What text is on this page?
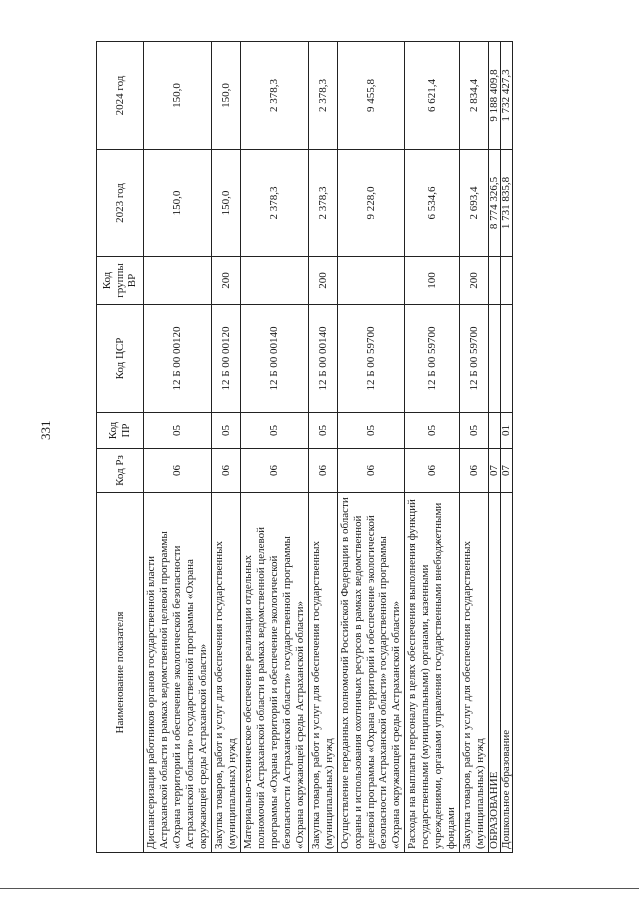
331
Наименование показателя	Код Рз	Код ПР	Код ЦСР	Код группы ВР	2023 год	2024 год
Диспансеризация работников органов государственной власти Астраханской области в рамках ведомственной целевой программы «Охрана территорий и обеспечение экологической безопасности Астраханской области» государственной программы «Охрана окружающей среды Астраханской области»	06	05	12 Б 00 00120		150,0	150,0
Закупка товаров, работ и услуг для обеспечения государственных (муниципальных) нужд	06	05	12 Б 00 00120	200	150,0	150,0
Материально-техническое обеспечение реализации отдельных полномочий Астраханской области в рамках ведомственной целевой программы «Охрана территорий и обеспечение экологической безопасности Астраханской области» государственной программы «Охрана окружающей среды Астраханской области»	06	05	12 Б 00 00140		2 378,3	2 378,3
Закупка товаров, работ и услуг для обеспечения государственных (муниципальных) нужд	06	05	12 Б 00 00140	200	2 378,3	2 378,3
Осуществление переданных полномочий Российской Федерации в области охраны и использования охотничьих ресурсов в рамках ведомственной целевой программы «Охрана территорий и обеспечение экологической безопасности Астраханской области» государственной программы «Охрана окружающей среды Астраханской области»	06	05	12 Б 00 59700		9 228,0	9 455,8
Расходы на выплаты персоналу в целях обеспечения выполнения функций государственными (муниципальными) органами, казенными учреждениями, органами управления государственными внебюджетными фондами	06	05	12 Б 00 59700	100	6 534,6	6 621,4
Закупка товаров, работ и услуг для обеспечения государственных (муниципальных) нужд	06	05	12 Б 00 59700	200	2 693,4	2 834,4
ОБРАЗОВАНИЕ	07				8 774 326,5	9 188 409,8
Дошкольное образование	07	01			1 731 835,8	1 732 427,3
